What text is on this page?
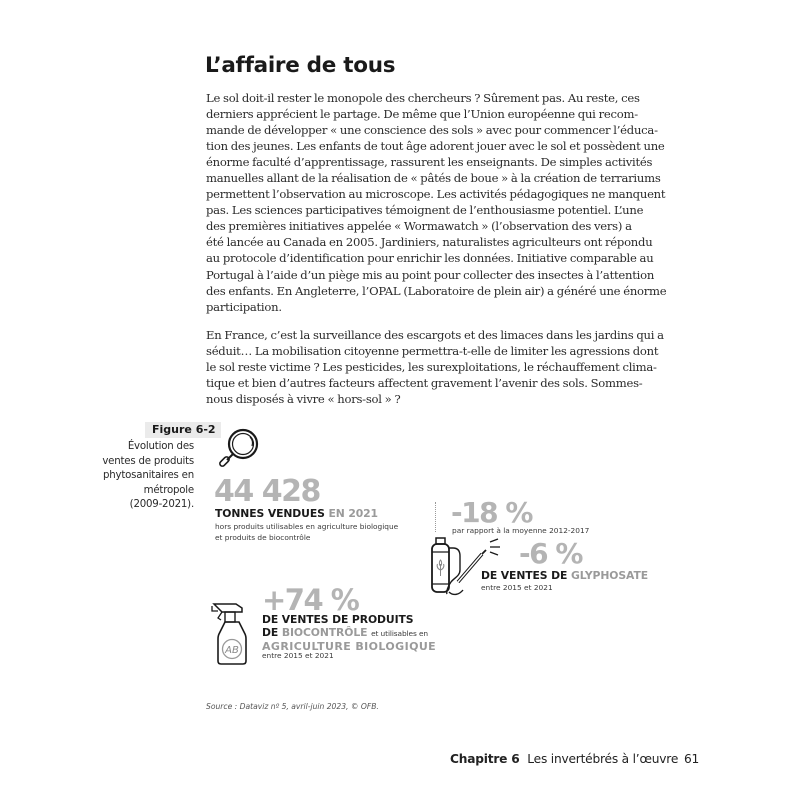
L’affaire de tous
Le sol doit-il rester le monopole des chercheurs ? Sûrement pas. Au reste, ces
derniers apprécient le partage. De même que l’Union européenne qui recom-
mande de développer « une conscience des sols » avec pour commencer l’éduca-
tion des jeunes. Les enfants de tout âge adorent jouer avec le sol et possèdent une
énorme faculté d’apprentissage, rassurent les enseignants. De simples activités
manuelles allant de la réalisation de « pâtés de boue » à la création de terrariums
permettent l’observation au microscope. Les activités pédagogiques ne manquent
pas. Les sciences participatives témoignent de l’enthousiasme potentiel. L’une
des premières initiatives appelée « Wormawatch » (l’observation des vers) a
été lancée au Canada en 2005. Jardiniers, naturalistes agriculteurs ont répondu
au protocole d’identification pour enrichir les données. Initiative comparable au
Portugal à l’aide d’un piège mis au point pour collecter des insectes à l’attention
des enfants. En Angleterre, l’OPAL (Laboratoire de plein air) a généré une énorme
participation.
En France, c’est la surveillance des escargots et des limaces dans les jardins qui a
séduit… La mobilisation citoyenne permettra-t-elle de limiter les agressions dont
le sol reste victime ? Les pesticides, les surexploitations, le réchauffement clima-
tique et bien d’autres facteurs affectent gravement l’avenir des sols. Sommes-
nous disposés à vivre « hors-sol » ?
Figure 6-2
Évolution des
ventes de produits
phytosanitaires en
métropole
(2009-2021). 44 428
TONNES VENDUES EN 2021
hors produits utilisables en agriculture biologique
et produits de biocontrôle
-18 %
par rapport à la moyenne 2012-2017
-6 %
DE VENTES DE GLYPHOSATE
entre 2015 et 2021
AB
+74 %
DE VENTES DE PRODUITS
DE BIOCONTRÔLE et utilisables en
AGRICULTURE BIOLOGIQUE
entre 2015 et 2021
Source : Dataviz nº 5, avril-juin 2023, © OFB.
Chapitre 6 Les invertébrés à l’œuvre 61
